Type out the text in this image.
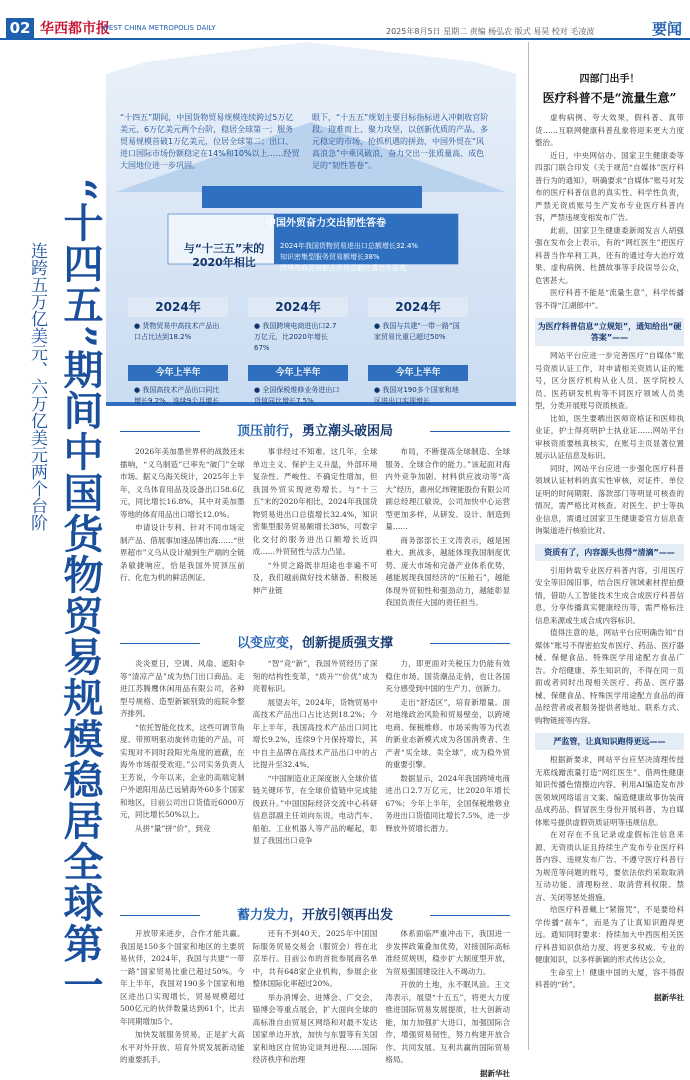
02 华西都市报
WEST CHINA METROPOLIS DAILY	2025年8月5日 星期二 责编 杨弘农 版式 易昊 校对 毛凌波	要闻
“十四五”期间，中国货物贸易规模连续跨过5万亿美元、6万亿美元两个台阶，稳居全球第一；服务贸易规模首破1万亿美元，位居全球第二；出口、进口国际市场份额稳定在14%和10%以上……经贸大国地位进一步巩固。
眼下，“十五五”规划主要目标指标进入冲刺收官阶段。迎难而上、聚力攻坚，以创新优质的产品、多元稳定的市场，抢抓机遇的拼劲，中国外贸在“风高浪急”中乘风破浪，奋力交出一张质量高、成色足的“韧性答卷”。
中国外贸奋力交出韧性答卷
与“十三五”末的2020年相比
2024年我国货物贸易进出口总额增长32.4%
知识密集型服务贸易额增长38%
跨境电商贸易额占外贸总额比重逐步提高
2024年
● 货物贸易中高技术产品出口占比达到18.2%
今年上半年
● 我国高技术产品出口同比增长9.2%，连续9个月增长
2024年
● 我国跨境电商进出口2.7万亿元，比2020年增长67%
今年上半年
● 全国保税维修业务进出口货值同比增长7.5%
2024年
● 我国与共建“一带一路”国家贸易比重已超过50%
今年上半年
● 我国对190多个国家和地区进出口实现增长
“十四五”期间中国货物贸易规模稳居全球第一
连跨五万亿美元、六万亿美元两个台阶	顶压前行，勇立潮头破困局

2026年美加墨世界杯的战鼓还未擂响，“义乌制造”已率先“破门”全球市场。据义乌海关统计，2025年上半年，义乌体育用品及设备出口58.6亿元，同比增长16.8%，其中对美加墨等地的体育用品出口增长12.0%。

申请设计专利、针对不同市场定制产品、借展事加速品牌出海……“世界超市”义乌从设计端到生产端的全链条敏捷响应，恰是我国外贸顶压前行、化危为机的鲜活例证。

事非经过不知难。这几年，全球单边主义、保护主义升温，外部环境复杂性、严峻性、不确定性增加，但我国外贸实现逆势增长。与“十三五”末的2020年相比，2024年我国货物贸易进出口总值增长32.4%，知识密集型服务贸易额增长38%，可数字化交付的服务进出口额增长近四成……外贸韧性与活力凸显。

“外贸之路既非坦途也非遍不可及，我们越前做好技术储备、积极延伸产业链

布局，不断提高全球制造、全球服务、全球合作的能力。”该起面对海内外竞争加剧、材料供应波动等“高大”经历，惠州亿纬锂能股份有限公司副总经理江敏说，公司加快中心运营型更加多样，从研发、设计、制造到量……

商务部部长王文涛表示，越是困难大、挑战多，越能体现我国制度优势、庞大市场和完备产业体系优势，越能展现我国经济的“压舱石”，越能体现外贸韧性和强劲动力，越能彰显我国负责任大国的责任担当。

以变应变，创新提质强支撑

炎炎夏日，空调、风扇、遮阳伞等“清凉产品”成为热门出口商品。走进江苏腾鹰休闲用品有限公司，各种型号规格、造型新颖别致的庭院伞整齐排列。

“依托智能化技术，这些可调节角度、带照明驱动旋转功能的产品，可实现对不同时段阳光角度的遮蔽，在海外市场很受欢迎。”公司实务负责人王芳说，今年以来，企业的高端定制户外遮阳用品已远销海外60多个国家和地区，目前公司出口货值近6000万元，同比增长50%以上。

从拼“量”拼“价”，到竞

“智”竞“新”，我国外贸经历了深刻的结构性变革，“质升”“价优”成为亮着标识。

展望去年，2024年，货物贸易中高技术产品出口占比达到18.2%；今年上半年，我国高技术产品出口同比增长9.2%，连续9个月保持增长，其中自主品牌在高技术产品出口中的占比提升至32.4%。

“中国制造业正深度嵌入全球价值链关键环节，在全球价值链中完成能级跃升。”中国国际经济交流中心科研信息部副主任刘向东说，电动汽车、船舶、工业机器人等产品的崛起，彰显了我国出口竞争

力，即更面对关税压力仍能有效稳住市场。国货潮品走俏，也让各国充分感受到中国的生产力、创新力。

走出“舒适区”，培育新增量。面对地缘政治风险和贸易壁垒，以跨境电商、保税维修、市场采购等为代表的新业态新模式成为各国消费者、生产者“买全球、卖全球”，成为稳外贸的重要引擎。

数据显示，2024年我国跨境电商进出口2.7万亿元，比2020年增长67%；今年上半年，全国保税维修业务进出口货值同比增长7.5%，进一步释放外贸增长潜力。

蓄力发力，开放引领再出发

开放带来进步，合作才能共赢。我国是150多个国家和地区的主要贸易伙伴，2024年，我国与共建“一带一路”国家贸易比重已超过50%。今年上半年，我国对190多个国家和地区进出口实现增长，贸易规模超过500亿元的伙伴数量达到61个，比去年同期增加5个。

加快发展服务贸易，正是扩大高水平对外开放、培育外贸发展新动能的重要抓手。

还有不到40天，2025年中国国际服务贸易交易会（服贸会）将在北京举行。目前公布的首批参展商名单中，共有648家企业机构，参展企业整体国际化率超过20%。

举办消博会、进博会、广交会，锚博会等重点展会，扩大面向全球的高标准自由贸易区网络和对最不发达国家单边开放，加快与东盟等有关国家和地区自贸协定谈判进程……国际经济秩序和治理

体系面临严重冲击下，我国进一步发挥政策叠加优势，对接国际高标准经贸规则，稳步扩大制度型开放，为贸易强国建设注入不竭动力。

开放的土地，永不眠风浪。王文涛表示，展望“十五五”，将更大力度推进国际贸易发展提质，壮大创新动能，加力加强扩大进口，加强国际合作，增强贸易韧性，努力构建开放合作、共同发展、互利共赢的国际贸易格局。

据新华社

四部门出手！
医疗科普不是“流量生意”

虚构病例、夸大效果，假科普、真带货……互联网健康科普乱象将迎来更大力度整治。

近日，中央网信办、国家卫生健康委等四部门联合印发《关于规范“自媒体”医疗科普行为的通知》，明确要求“自媒体”账号对发布的医疗科普信息的真实性、科学性负责，严禁无资质账号生产发布专业医疗科普内容，严禁违规变相发布广告。

此前，国家卫生健康委新闻发言人胡强强在发布会上表示，有的“网红医生”把医疗科普当作牟利工具，还有的通过夸大治疗效果、虚构病例、杜撰故事等手段误导公众，危害甚大。

医疗科普不能是“流量生意”，科学传播容不得“江湖郎中”。

为医疗科普信息“立规矩”，通知给出“硬答案”——

网站平台应进一步完善医疗“自媒体”账号资质认证工作，对申请相关资质认证的账号，区分医疗机构从业人员、医学院校人员、医药研发机构等不同医疗领域人员类型，分类开展账号资质核查。

比如，医生要晒出医师资格证和医师执业证，护士得亮明护士执业证……网站平台审核资质要核真核实，在账号主页显著位置展示认证信息及标识。

同时，网站平台应进一步强化医疗科普领域认证材料的真实性审核，对证件、单位证明的时间期限、落款部门等明显可核查的情况，需严格比对核查。对医生、护士等执业信息，需通过国家卫生健康委官方信息查询渠道进行核验比对。

资质有了，内容源头也得“清滴”——

引用转载专业医疗科普内容，引用医疗安全等旧闻旧事，结合医疗领域素材捏拍摄情，借助人工智能技术生成合成医疗科普信息，分享传播真实健康经历等，需严格标注信息来源或生成合成内容标识。

值得注意的是，网站平台应明确告知“自媒体”账号不得密拍发布医疗、药品、医疗器械、保健食品、特殊医学用途配方食品广告。介绍健康、养生知识的，不得在同一页面或者同时出现相关医疗、药品、医疗器械、保健食品、特殊医学用途配方食品的商品经营者或者服务提供者地址、联系方式、购物链接等内容。

严监管，让真知识跑得更远——

根据新要求，网站平台应坚决清理传授无底线蹭流量打造“网红医生”、借两性健康知识传播色情擦边内容、利用AI编造发布涉医领域网络谣言文案、编造健康故事伪装商品成药品、假冒医生身份开展科普、为自媒体账号提供虚假资质证明等违规信息。

在对存在不良记录或虚假标注信息来源、无资质认证且持续生产发布专业医疗科普内容、违规发布广告、不遵守医疗科普行为规范等问题的账号，要依法依约采取取消互动功能、清理粉丝、取消营利权限、禁言、关闭等惩处措施。

给医疗科普戴上“紧箍咒”，不是要给科学传播“刹车”，而是为了让真知识跑得更远。通知同时要求：持续加大中西医相关医疗科普知识供给力度，将更多权威、专业的健康知识，以多样新颖的形式传达公众。

生命至上！健康中国的大厦，容不得假科普的“砖”。

据新华社
